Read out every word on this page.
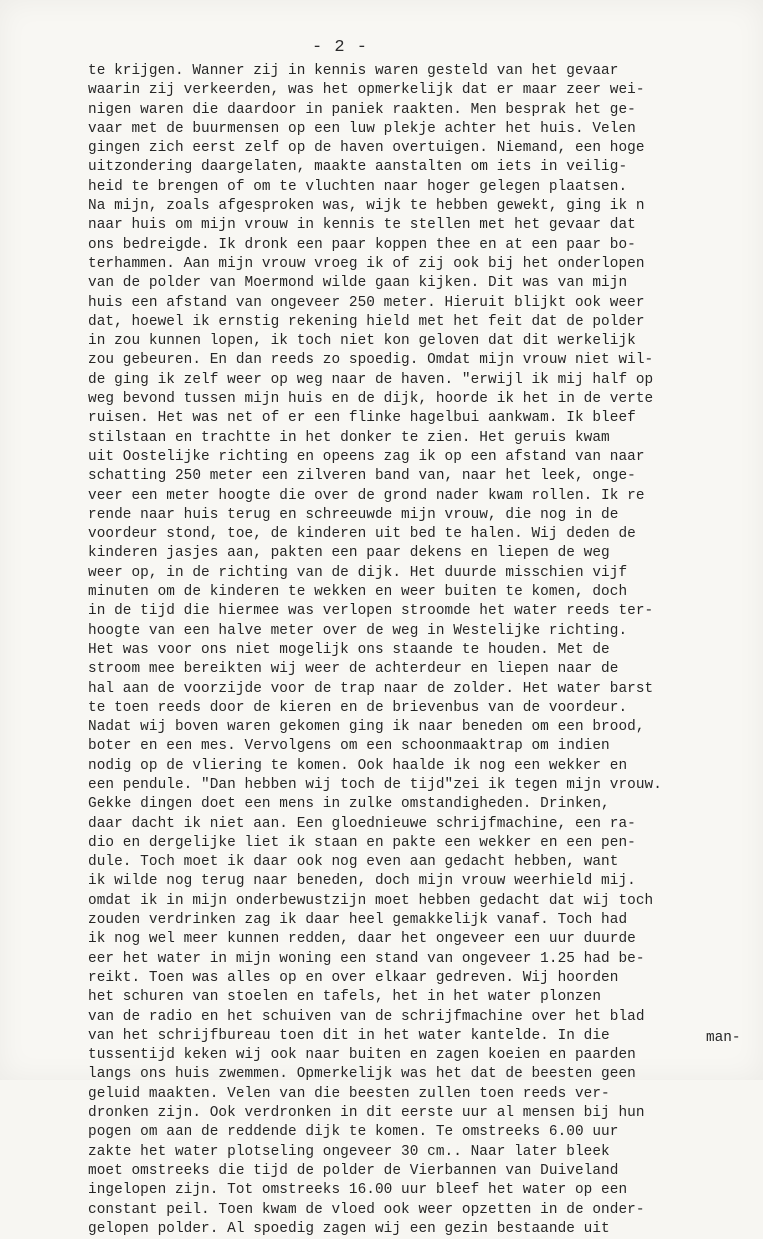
- 2 -
te krijgen. Wanner zij in kennis waren gesteld van het gevaar
waarin zij verkeerden, was het opmerkelijk dat er maar zeer wei-
nigen waren die daardoor in paniek raakten. Men besprak het ge-
vaar met de buurmensen op een luw plekje achter het huis. Velen
gingen zich eerst zelf op de haven overtuigen. Niemand, een hoge
uitzondering daargelaten, maakte aanstalten om iets in veilig-
heid te brengen of om te vluchten naar hoger gelegen plaatsen.
Na mijn, zoals afgesproken was, wijk te hebben gewekt, ging ik n
naar huis om mijn vrouw in kennis te stellen met het gevaar dat
ons bedreigde. Ik dronk een paar koppen thee en at een paar bo-
terhammen. Aan mijn vrouw vroeg ik of zij ook bij het onderlopen
van de polder van Moermond wilde gaan kijken. Dit was van mijn
huis een afstand van ongeveer 250 meter. Hieruit blijkt ook weer
dat, hoewel ik ernstig rekening hield met het feit dat de polder
in zou kunnen lopen, ik toch niet kon geloven dat dit werkelijk
zou gebeuren. En dan reeds zo spoedig. Omdat mijn vrouw niet wil-
de ging ik zelf weer op weg naar de haven. "erwijl ik mij half op
weg bevond tussen mijn huis en de dijk, hoorde ik het in de verte
ruisen. Het was net of er een flinke hagelbui aankwam. Ik bleef
stilstaan en trachtte in het donker te zien. Het geruis kwam
uit Oostelijke richting en opeens zag ik op een afstand van naar
schatting 250 meter een zilveren band van, naar het leek, onge-
veer een meter hoogte die over de grond nader kwam rollen. Ik re
rende naar huis terug en schreeuwde mijn vrouw, die nog in de
voordeur stond, toe, de kinderen uit bed te halen. Wij deden de
kinderen jasjes aan, pakten een paar dekens en liepen de weg
weer op, in de richting van de dijk. Het duurde misschien vijf
minuten om de kinderen te wekken en weer buiten te komen, doch
in de tijd die hiermee was verlopen stroomde het water reeds ter-
hoogte van een halve meter over de weg in Westelijke richting.
Het was voor ons niet mogelijk ons staande te houden. Met de
stroom mee bereikten wij weer de achterdeur en liepen naar de
hal aan de voorzijde voor de trap naar de zolder. Het water barst
te toen reeds door de kieren en de brievenbus van de voordeur.
Nadat wij boven waren gekomen ging ik naar beneden om een brood,
boter en een mes. Vervolgens om een schoonmaaktrap om indien
nodig op de vliering te komen. Ook haalde ik nog een wekker en
een pendule. "Dan hebben wij toch de tijd"zei ik tegen mijn vrouw.
Gekke dingen doet een mens in zulke omstandigheden. Drinken,
daar dacht ik niet aan. Een gloednieuwe schrijfmachine, een ra-
dio en dergelijke liet ik staan en pakte een wekker en een pen-
dule. Toch moet ik daar ook nog even aan gedacht hebben, want
ik wilde nog terug naar beneden, doch mijn vrouw weerhield mij.
omdat ik in mijn onderbewustzijn moet hebben gedacht dat wij toch
zouden verdrinken zag ik daar heel gemakkelijk vanaf. Toch had
ik nog wel meer kunnen redden, daar het ongeveer een uur duurde
eer het water in mijn woning een stand van ongeveer 1.25 had be-
reikt. Toen was alles op en over elkaar gedreven. Wij hoorden
het schuren van stoelen en tafels, het in het water plonzen
van de radio en het schuiven van de schrijfmachine over het blad
van het schrijfbureau toen dit in het water kantelde. In die
tussentijd keken wij ook naar buiten en zagen koeien en paarden
langs ons huis zwemmen. Opmerkelijk was het dat de beesten geen
geluid maakten. Velen van die beesten zullen toen reeds ver-
dronken zijn. Ook verdronken in dit eerste uur al mensen bij hun
pogen om aan de reddende dijk te komen. Te omstreeks 6.00 uur
zakte het water plotseling ongeveer 30 cm.. Naar later bleek
moet omstreeks die tijd de polder de Vierbannen van Duiveland
ingelopen zijn. Tot omstreeks 16.00 uur bleef het water op een
constant peil. Toen kwam de vloed ook weer opzetten in de onder-
gelopen polder. Al spoedig zagen wij een gezin bestaande uit
man-
